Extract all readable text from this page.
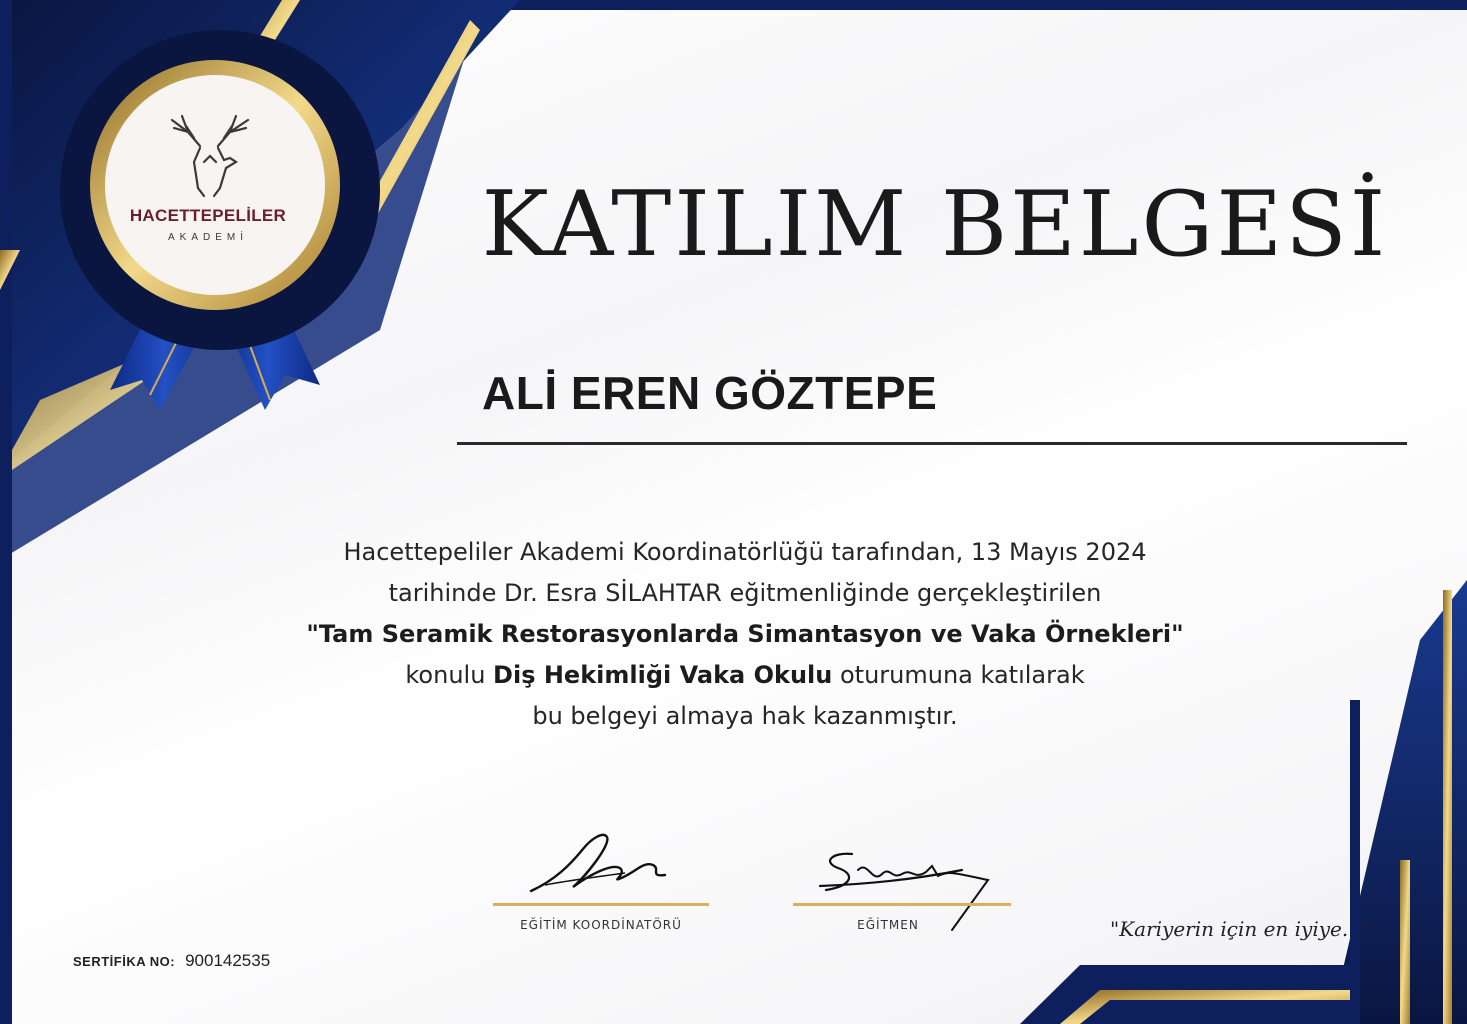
HACETTEPELİLER
AKADEMİ	KATILIM BELGESİ
ALİ EREN GÖZTEPE
Hacettepeliler Akademi Koordinatörlüğü tarafından, 13 Mayıs 2024
tarihinde Dr. Esra SİLAHTAR eğitmenliğinde gerçekleştirilen
"Tam Seramik Restorasyonlarda Simantasyon ve Vaka Örnekleri"
konulu Diş Hekimliği Vaka Okulu oturumuna katılarak
bu belgeyi almaya hak kazanmıştır.
EĞİTİM KOORDİNATÖRÜ	EĞİTMEN	"Kariyerin için en iyiye..."
SERTİFİKA NO: 900142535
